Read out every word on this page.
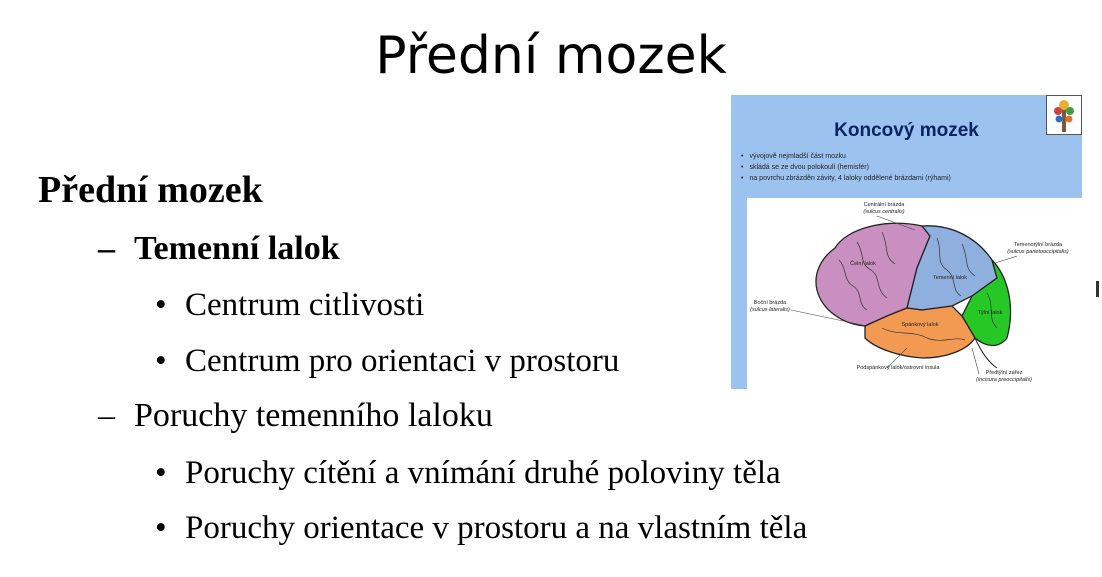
Přední mozek
Přední mozek
– Temenní lalok
• Centrum citlivosti
• Centrum pro orientaci v prostoru
– Poruchy temenního laloku
• Poruchy cítění a vnímání druhé poloviny těla
• Poruchy orientace v prostoru a na vlastním těla
Koncový mozek
• vývojově nejmladší část mozku
• skládá se ze dvou polokoulí (hemisfér)
• na povrchu zbrázděn závity, 4 laloky oddělené brázdami (rýhami)
Centrální brázda
(sulcus centralis)
Temenotýlní brázda
(sulcus parietooccipitalis)
Boční brázda
(sulcus lateralis)
Podspánkový lalok/ostrovní insula
Předtýlní zářez
(incisura preoccipitalis)
Čelní lalok
Temenní lalok
Spánkový lalok
Týlní lalok
